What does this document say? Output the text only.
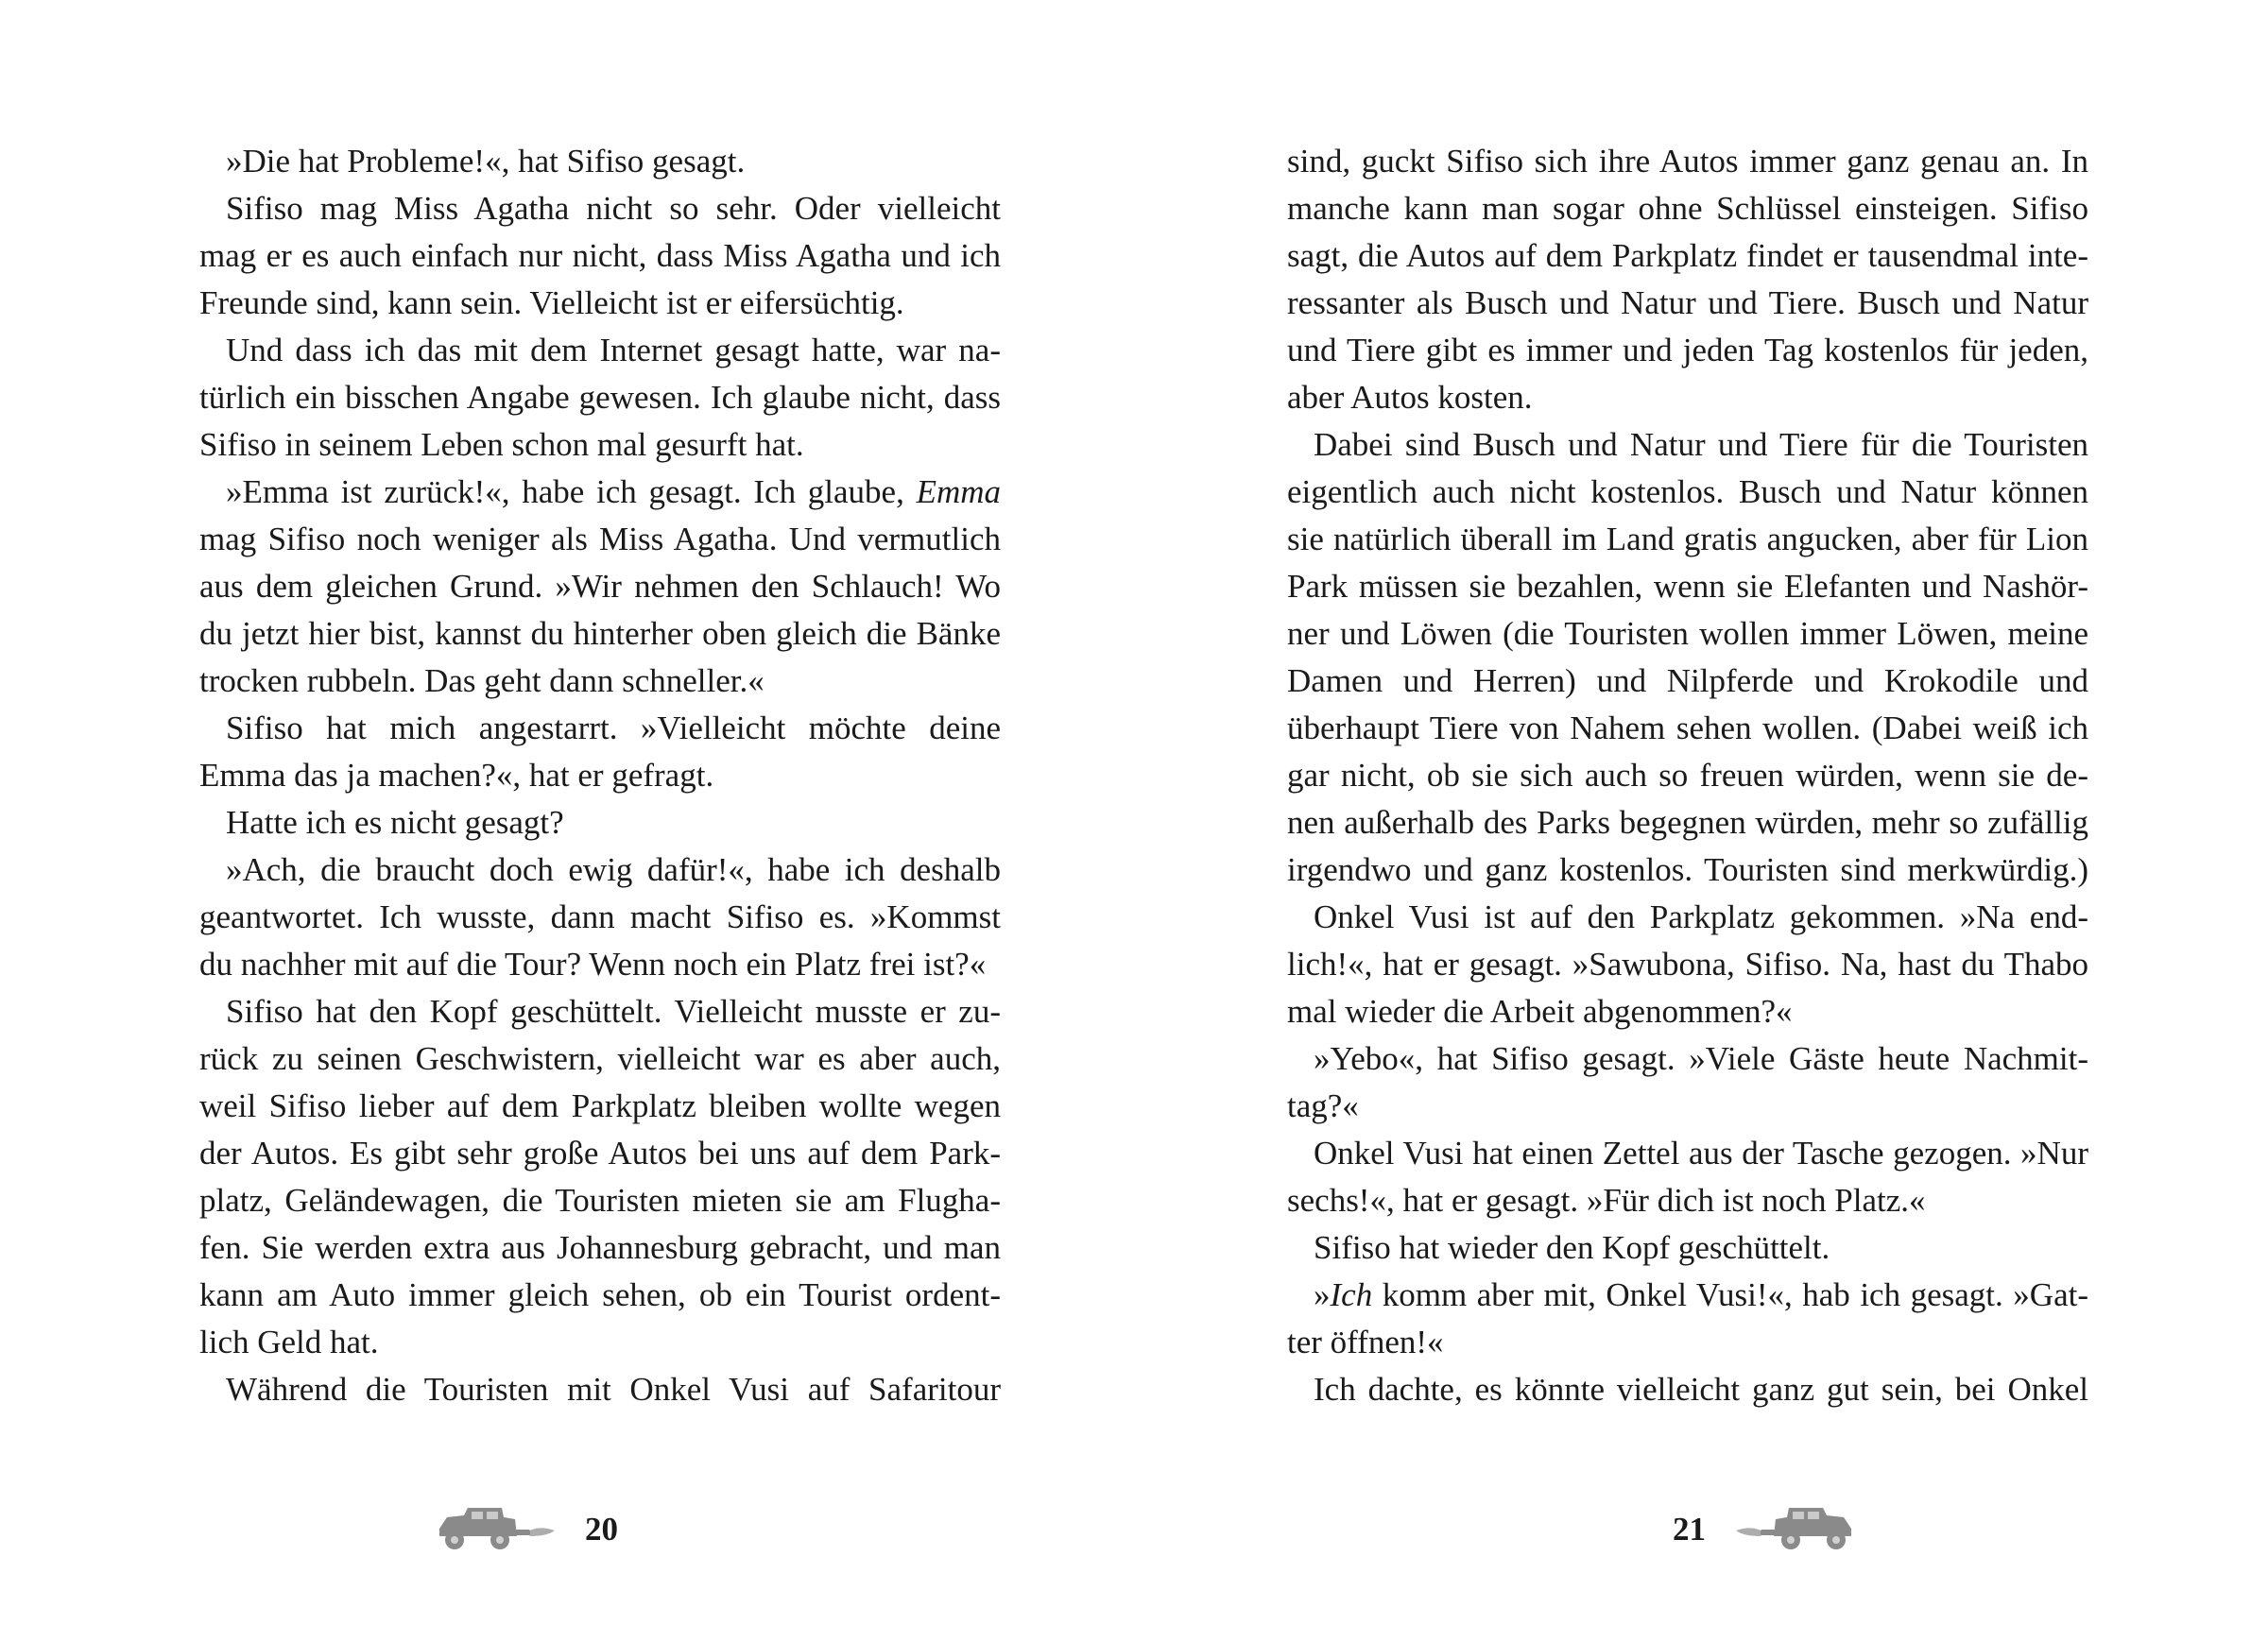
»Die hat Probleme!«, hat Sifiso gesagt.
Sifiso mag Miss Agatha nicht so sehr. Oder vielleicht
mag er es auch einfach nur nicht, dass Miss Agatha und ich
Freunde sind, kann sein. Vielleicht ist er eifersüchtig.
Und dass ich das mit dem Internet gesagt hatte, war na-
türlich ein bisschen Angabe gewesen. Ich glaube nicht, dass
Sifiso in seinem Leben schon mal gesurft hat.
»Emma ist zurück!«, habe ich gesagt. Ich glaube, Emma
mag Sifiso noch weniger als Miss Agatha. Und vermutlich
aus dem gleichen Grund. »Wir nehmen den Schlauch! Wo
du jetzt hier bist, kannst du hinterher oben gleich die Bänke
trocken rubbeln. Das geht dann schneller.«
Sifiso hat mich angestarrt. »Vielleicht möchte deine
Emma das ja machen?«, hat er gefragt.
Hatte ich es nicht gesagt?
»Ach, die braucht doch ewig dafür!«, habe ich deshalb
geantwortet. Ich wusste, dann macht Sifiso es. »Kommst
du nachher mit auf die Tour? Wenn noch ein Platz frei ist?«
Sifiso hat den Kopf geschüttelt. Vielleicht musste er zu-
rück zu seinen Geschwistern, vielleicht war es aber auch,
weil Sifiso lieber auf dem Parkplatz bleiben wollte wegen
der Autos. Es gibt sehr große Autos bei uns auf dem Park-
platz, Geländewagen, die Touristen mieten sie am Flugha-
fen. Sie werden extra aus Johannesburg gebracht, und man
kann am Auto immer gleich sehen, ob ein Tourist ordent-
lich Geld hat.
Während die Touristen mit Onkel Vusi auf Safaritour
20
sind, guckt Sifiso sich ihre Autos immer ganz genau an. In
manche kann man sogar ohne Schlüssel einsteigen. Sifiso
sagt, die Autos auf dem Parkplatz findet er tausendmal inte-
ressanter als Busch und Natur und Tiere. Busch und Natur
und Tiere gibt es immer und jeden Tag kostenlos für jeden,
aber Autos kosten.
Dabei sind Busch und Natur und Tiere für die Touristen
eigentlich auch nicht kostenlos. Busch und Natur können
sie natürlich überall im Land gratis angucken, aber für Lion
Park müssen sie bezahlen, wenn sie Elefanten und Nashör-
ner und Löwen (die Touristen wollen immer Löwen, meine
Damen und Herren) und Nilpferde und Krokodile und
überhaupt Tiere von Nahem sehen wollen. (Dabei weiß ich
gar nicht, ob sie sich auch so freuen würden, wenn sie de-
nen außerhalb des Parks begegnen würden, mehr so zufällig
irgendwo und ganz kostenlos. Touristen sind merkwürdig.)
Onkel Vusi ist auf den Parkplatz gekommen. »Na end-
lich!«, hat er gesagt. »Sawubona, Sifiso. Na, hast du Thabo
mal wieder die Arbeit abgenommen?«
»Yebo«, hat Sifiso gesagt. »Viele Gäste heute Nachmit-
tag?«
Onkel Vusi hat einen Zettel aus der Tasche gezogen. »Nur
sechs!«, hat er gesagt. »Für dich ist noch Platz.«
Sifiso hat wieder den Kopf geschüttelt.
»Ich komm aber mit, Onkel Vusi!«, hab ich gesagt. »Gat-
ter öffnen!«
Ich dachte, es könnte vielleicht ganz gut sein, bei Onkel
21
